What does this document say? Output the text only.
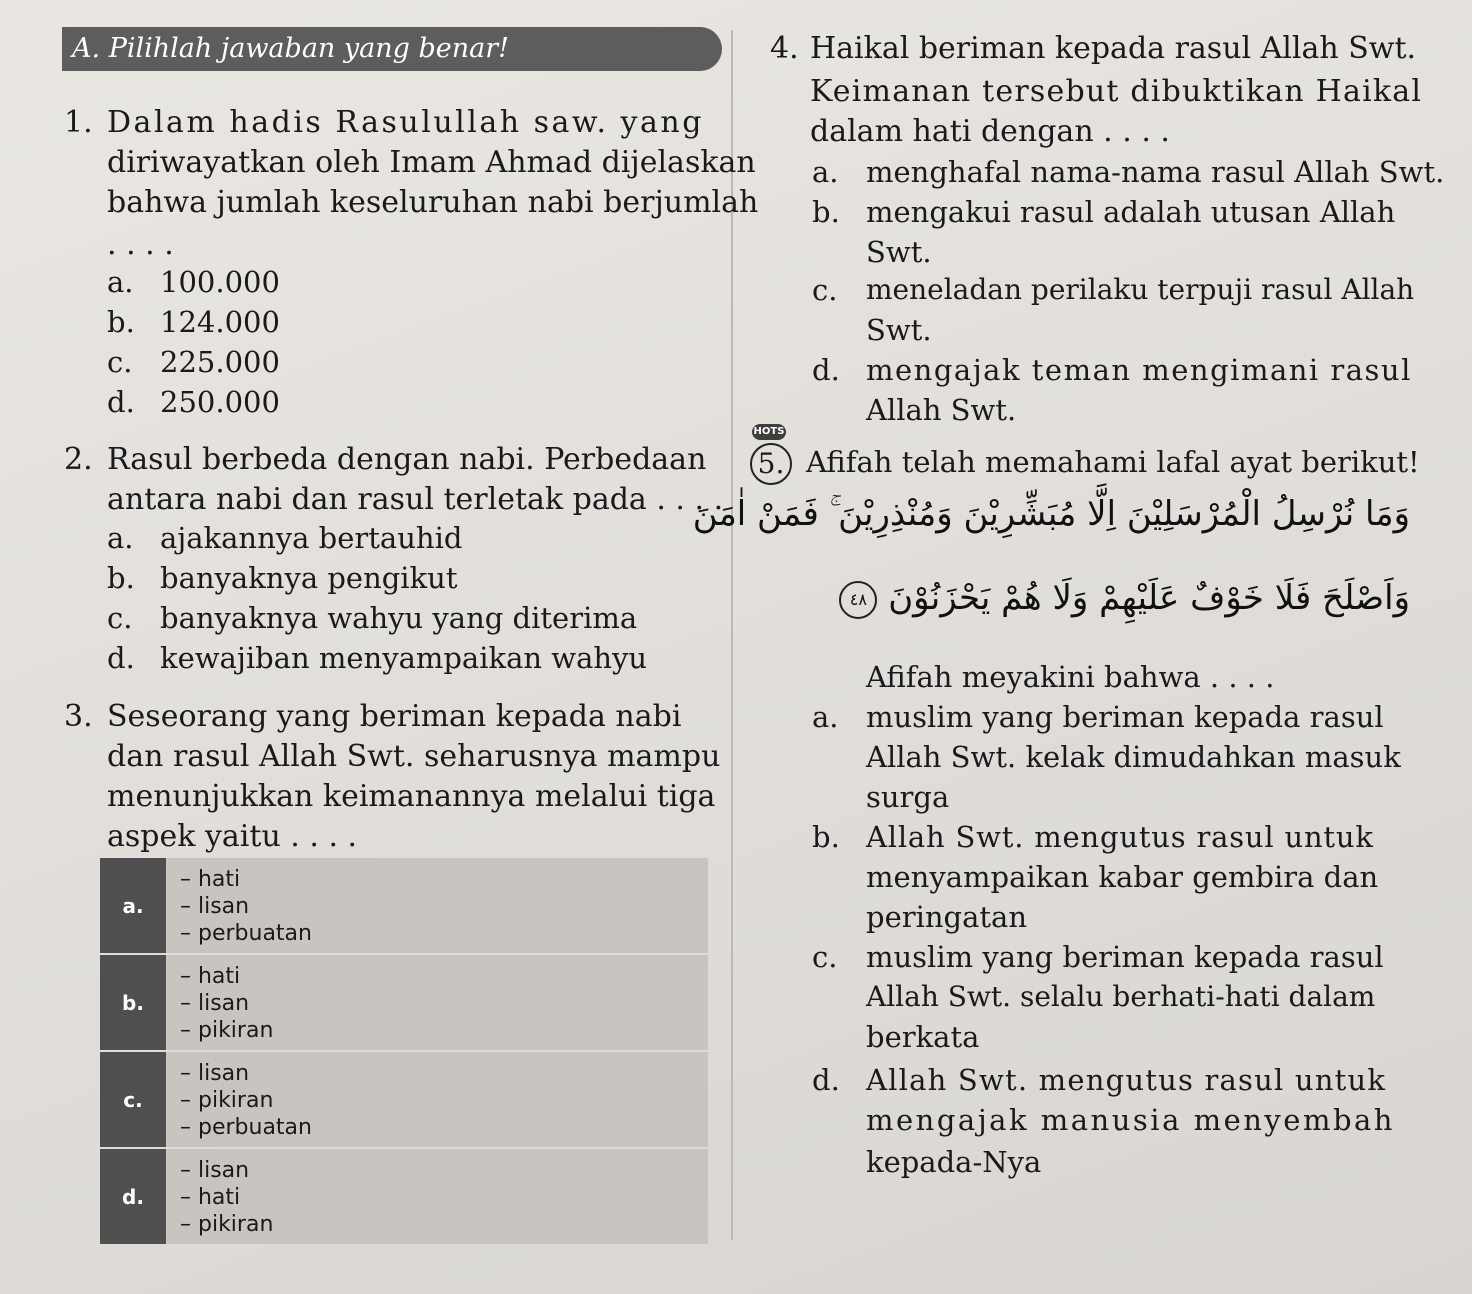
A. Pilihlah jawaban yang benar!
1. Dalam hadis Rasulullah saw. yang
diriwayatkan oleh Imam Ahmad dijelaskan
bahwa jumlah keseluruhan nabi berjumlah
. . . .
a. 100.000
b. 124.000
c. 225.000
d. 250.000
2. Rasul berbeda dengan nabi. Perbedaan
antara nabi dan rasul terletak pada . . . .
a. ajakannya bertauhid
b. banyaknya pengikut
c. banyaknya wahyu yang diterima
d. kewajiban menyampaikan wahyu
3. Seseorang yang beriman kepada nabi
dan rasul Allah Swt. seharusnya mampu
menunjukkan keimanannya melalui tiga
aspek yaitu . . . .
a.
– hati
– lisan
– perbuatan
b.
– hati
– lisan
– pikiran
c.
– lisan
– pikiran
– perbuatan
d.
– lisan
– hati
– pikiran
4. Haikal beriman kepada rasul Allah Swt.
Keimanan tersebut dibuktikan Haikal
dalam hati dengan . . . .
a. menghafal nama-nama rasul Allah Swt.
b. mengakui rasul adalah utusan Allah
Swt.
c. meneladan perilaku terpuji rasul Allah
Swt.
d. mengajak teman mengimani rasul
Allah Swt.
HOTS
5. Afifah telah memahami lafal ayat berikut!
وَمَا نُرْسِلُ الْمُرْسَلِيْنَ اِلَّا مُبَشِّرِيْنَ وَمُنْذِرِيْنَ ۚ فَمَنْ اٰمَنَ
وَاَصْلَحَ فَلَا خَوْفٌ عَلَيْهِمْ وَلَا هُمْ يَحْزَنُوْنَ ٤٨
Afifah meyakini bahwa . . . .
a. muslim yang beriman kepada rasul
Allah Swt. kelak dimudahkan masuk
surga
b. Allah Swt. mengutus rasul untuk
menyampaikan kabar gembira dan
peringatan
c. muslim yang beriman kepada rasul
Allah Swt. selalu berhati-hati dalam
berkata
d. Allah Swt. mengutus rasul untuk
mengajak manusia menyembah
kepada-Nya
